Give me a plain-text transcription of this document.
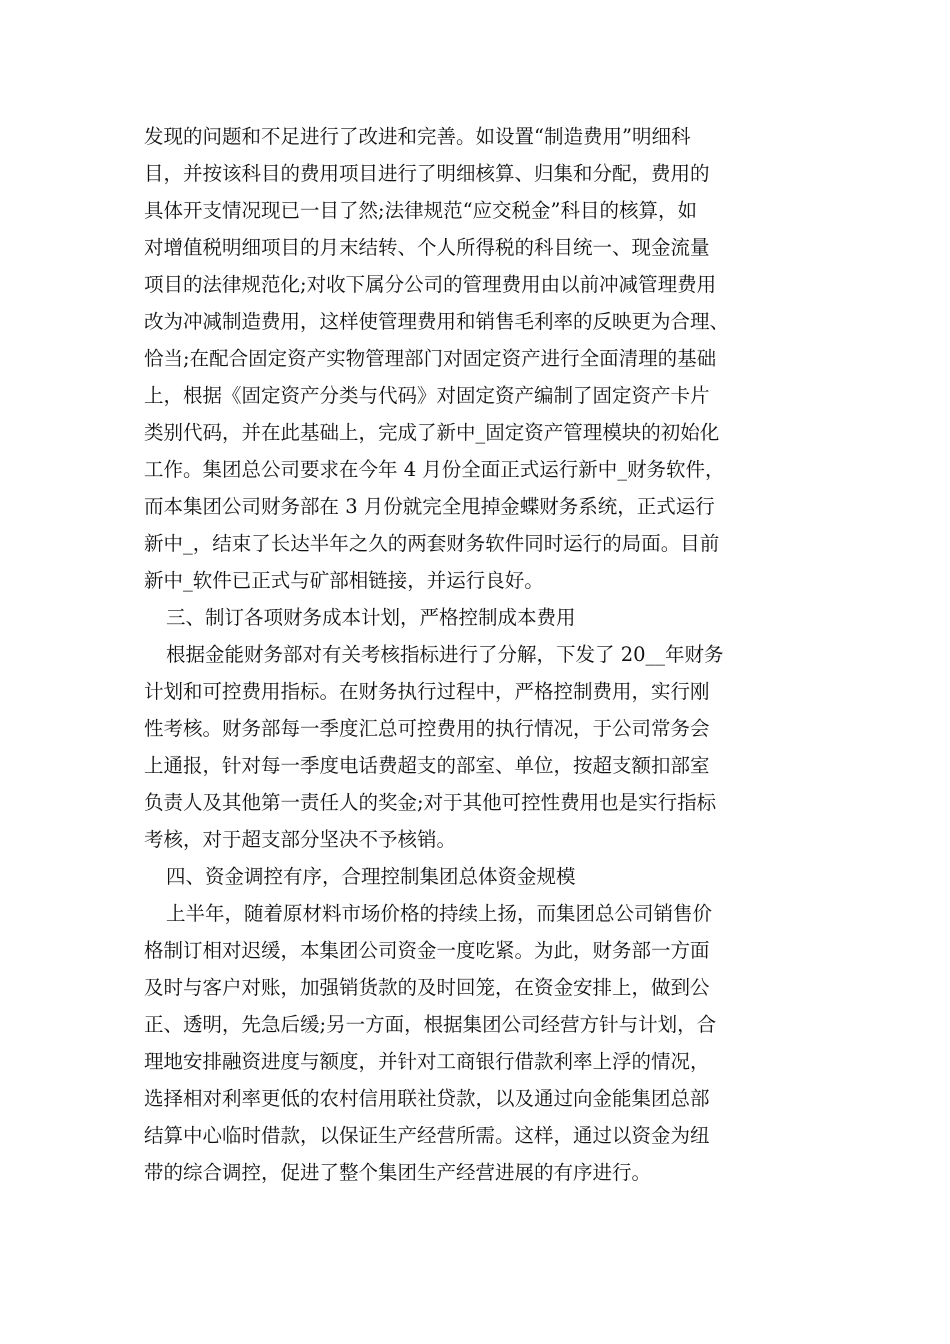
发现的问题和不足进行了改进和完善。如设置“制造费用”明细科
目，并按该科目的费用项目进行了明细核算、归集和分配，费用的
具体开支情况现已一目了然;法律规范“应交税金”科目的核算，如
对增值税明细项目的月末结转、个人所得税的科目统一、现金流量
项目的法律规范化;对收下属分公司的管理费用由以前冲减管理费用
改为冲减制造费用，这样使管理费用和销售毛利率的反映更为合理、
恰当;在配合固定资产实物管理部门对固定资产进行全面清理的基础
上，根据《固定资产分类与代码》对固定资产编制了固定资产卡片
类别代码，并在此基础上，完成了新中_固定资产管理模块的初始化
工作。集团总公司要求在今年 4 月份全面正式运行新中_财务软件，
而本集团公司财务部在 3 月份就完全甩掉金蝶财务系统，正式运行
新中_，结束了长达半年之久的两套财务软件同时运行的局面。目前
新中_软件已正式与矿部相链接，并运行良好。
三、制订各项财务成本计划，严格控制成本费用
根据金能财务部对有关考核指标进行了分解，下发了 20__年财务
计划和可控费用指标。在财务执行过程中，严格控制费用，实行刚
性考核。财务部每一季度汇总可控费用的执行情况，于公司常务会
上通报，针对每一季度电话费超支的部室、单位，按超支额扣部室
负责人及其他第一责任人的奖金;对于其他可控性费用也是实行指标
考核，对于超支部分坚决不予核销。
四、资金调控有序，合理控制集团总体资金规模
上半年，随着原材料市场价格的持续上扬，而集团总公司销售价
格制订相对迟缓，本集团公司资金一度吃紧。为此，财务部一方面
及时与客户对账，加强销货款的及时回笼，在资金安排上，做到公
正、透明，先急后缓;另一方面，根据集团公司经营方针与计划，合
理地安排融资进度与额度，并针对工商银行借款利率上浮的情况，
选择相对利率更低的农村信用联社贷款，以及通过向金能集团总部
结算中心临时借款，以保证生产经营所需。这样，通过以资金为纽
带的综合调控，促进了整个集团生产经营进展的有序进行。
